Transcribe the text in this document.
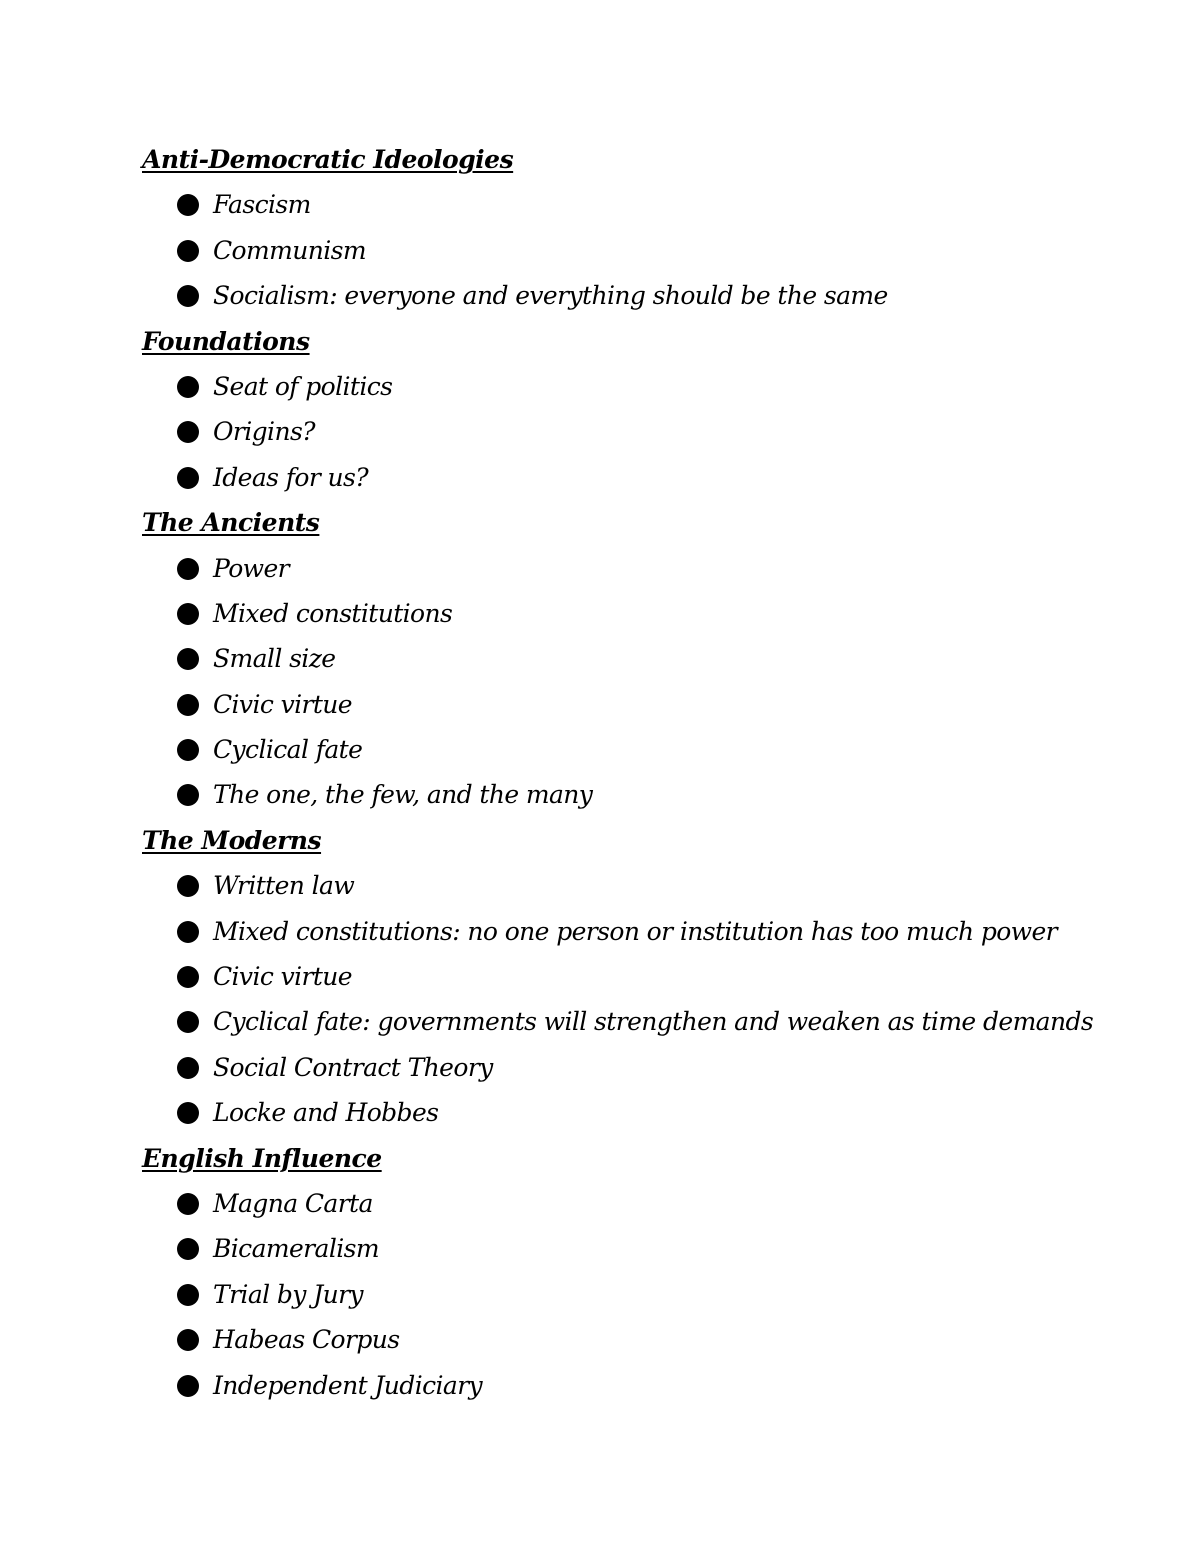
Anti-Democratic Ideologies
Fascism
Communism
Socialism: everyone and everything should be the same
Foundations
Seat of politics
Origins?
Ideas for us?
The Ancients
Power
Mixed constitutions
Small size
Civic virtue
Cyclical fate
The one, the few, and the many
The Moderns
Written law
Mixed constitutions: no one person or institution has too much power
Civic virtue
Cyclical fate: governments will strengthen and weaken as time demands
Social Contract Theory
Locke and Hobbes
English Influence
Magna Carta
Bicameralism
Trial by Jury
Habeas Corpus
Independent Judiciary
